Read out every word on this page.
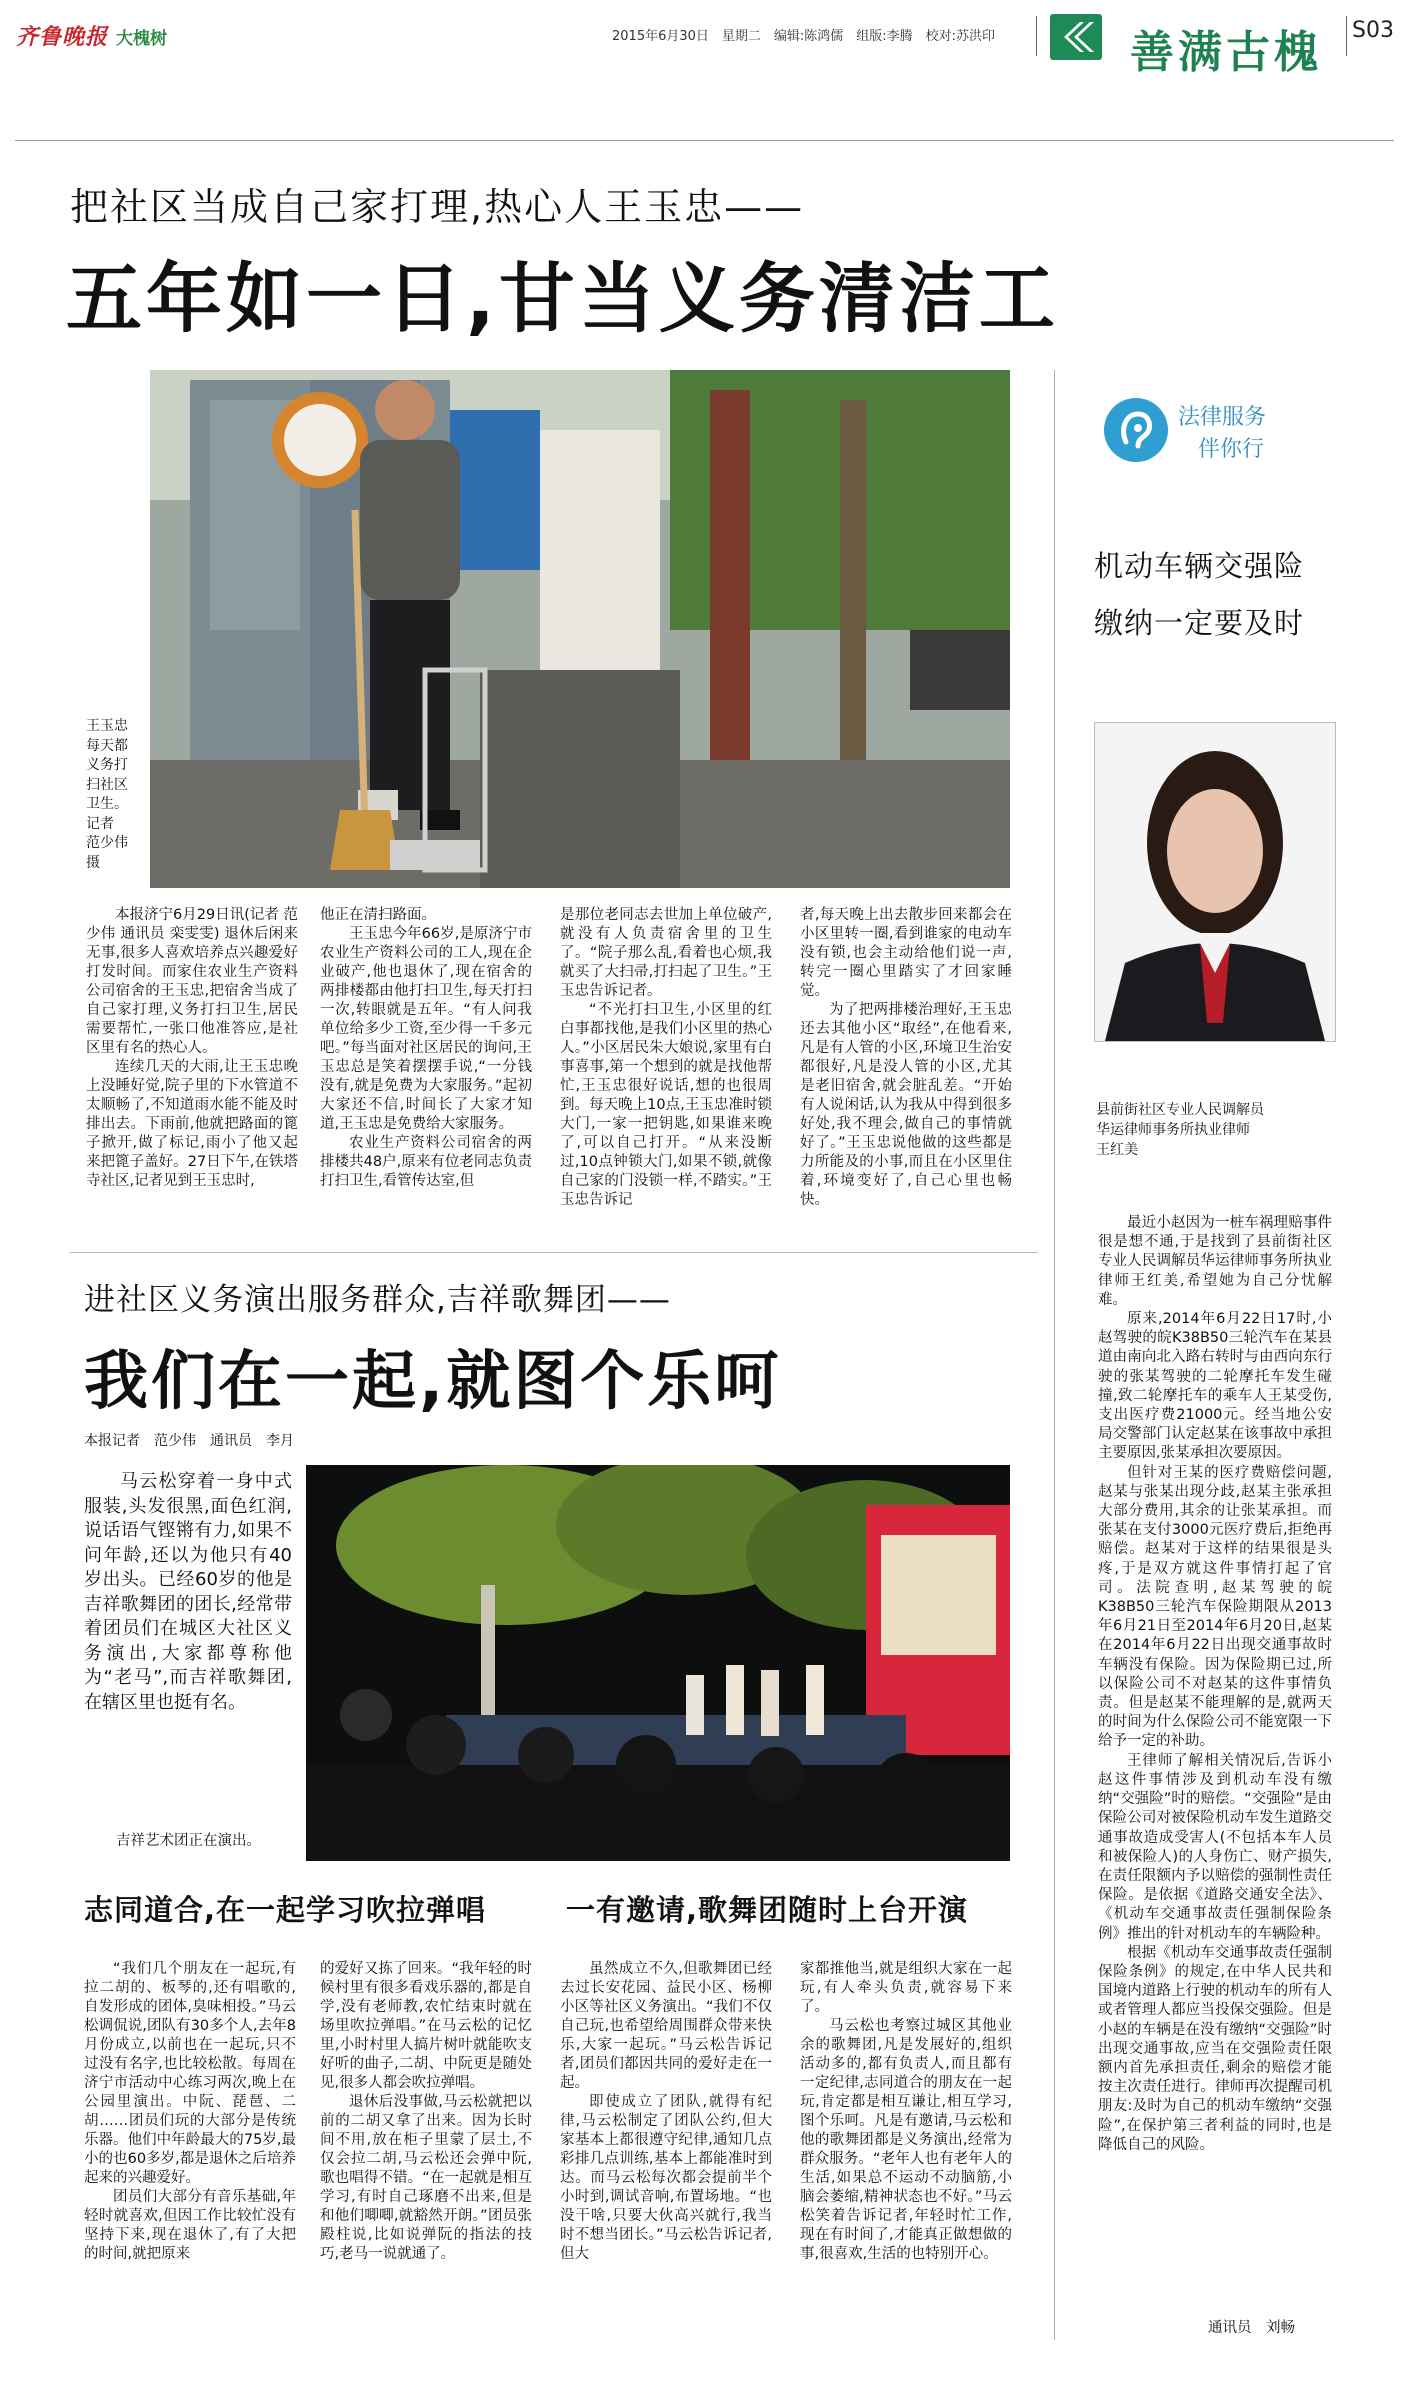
齐鲁晚报 大槐树	2015年6月30日　星期二　编辑:陈鸿儒　组版:李腾　校对:苏洪印	善满古槐 S03
把社区当成自己家打理,热心人王玉忠——
五年如一日,甘当义务清洁工
王玉忠
每天都
义务打
扫社区
卫生。
记者
范少伟
摄

本报济宁6月29日讯(记者 范少伟 通讯员 栾雯雯) 退休后闲来无事,很多人喜欢培养点兴趣爱好打发时间。而家住农业生产资料公司宿舍的王玉忠,把宿舍当成了自己家打理,义务打扫卫生,居民需要帮忙,一张口他准答应,是社区里有名的热心人。

连续几天的大雨,让王玉忠晚上没睡好觉,院子里的下水管道不太顺畅了,不知道雨水能不能及时排出去。下雨前,他就把路面的篦子掀开,做了标记,雨小了他又起来把篦子盖好。27日下午,在铁塔寺社区,记者见到王玉忠时,

他正在清扫路面。

王玉忠今年66岁,是原济宁市农业生产资料公司的工人,现在企业破产,他也退休了,现在宿舍的两排楼都由他打扫卫生,每天打扫一次,转眼就是五年。“有人问我单位给多少工资,至少得一千多元吧。”每当面对社区居民的询问,王玉忠总是笑着摆摆手说,“一分钱没有,就是免费为大家服务。”起初大家还不信,时间长了大家才知道,王玉忠是免费给大家服务。

农业生产资料公司宿舍的两排楼共48户,原来有位老同志负责打扫卫生,看管传达室,但

是那位老同志去世加上单位破产,就没有人负责宿舍里的卫生了。“院子那么乱,看着也心烦,我就买了大扫帚,打扫起了卫生。”王玉忠告诉记者。

“不光打扫卫生,小区里的红白事都找他,是我们小区里的热心人。”小区居民朱大娘说,家里有白事喜事,第一个想到的就是找他帮忙,王玉忠很好说话,想的也很周到。每天晚上10点,王玉忠准时锁大门,一家一把钥匙,如果谁来晚了,可以自己打开。“从来没断过,10点钟锁大门,如果不锁,就像自己家的门没锁一样,不踏实。”王玉忠告诉记

者,每天晚上出去散步回来都会在小区里转一圈,看到谁家的电动车没有锁,也会主动给他们说一声,转完一圈心里踏实了才回家睡觉。

为了把两排楼治理好,王玉忠还去其他小区“取经”,在他看来,凡是有人管的小区,环境卫生治安都很好,凡是没人管的小区,尤其是老旧宿舍,就会脏乱差。“开始有人说闲话,认为我从中得到很多好处,我不理会,做自己的事情就好了。”王玉忠说他做的这些都是力所能及的小事,而且在小区里住着,环境变好了,自己心里也畅快。

法律服务
伴你行
机动车辆交强险
缴纳一定要及时
县前街社区专业人民调解员
华运律师事务所执业律师
王红美

最近小赵因为一桩车祸理赔事件很是想不通,于是找到了县前街社区专业人民调解员华运律师事务所执业律师王红美,希望她为自己分忧解难。

原来,2014年6月22日17时,小赵驾驶的皖K38B50三轮汽车在某县道由南向北入路右转时与由西向东行驶的张某驾驶的二轮摩托车发生碰撞,致二轮摩托车的乘车人王某受伤,支出医疗费21000元。经当地公安局交警部门认定赵某在该事故中承担主要原因,张某承担次要原因。

但针对王某的医疗费赔偿问题,赵某与张某出现分歧,赵某主张承担大部分费用,其余的让张某承担。而张某在支付3000元医疗费后,拒绝再赔偿。赵某对于这样的结果很是头疼,于是双方就这件事情打起了官司。法院查明,赵某驾驶的皖K38B50三轮汽车保险期限从2013年6月21日至2014年6月20日,赵某在2014年6月22日出现交通事故时车辆没有保险。因为保险期已过,所以保险公司不对赵某的这件事情负责。但是赵某不能理解的是,就两天的时间为什么保险公司不能宽限一下给予一定的补助。

王律师了解相关情况后,告诉小赵这件事情涉及到机动车没有缴纳“交强险”时的赔偿。“交强险”是由保险公司对被保险机动车发生道路交通事故造成受害人(不包括本车人员和被保险人)的人身伤亡、财产损失,在责任限额内予以赔偿的强制性责任保险。是依据《道路交通安全法》、《机动车交通事故责任强制保险条例》推出的针对机动车的车辆险种。

根据《机动车交通事故责任强制保险条例》的规定,在中华人民共和国境内道路上行驶的机动车的所有人或者管理人都应当投保交强险。但是小赵的车辆是在没有缴纳“交强险”时出现交通事故,应当在交强险责任限额内首先承担责任,剩余的赔偿才能按主次责任进行。律师再次提醒司机朋友:及时为自己的机动车缴纳“交强险”,在保护第三者利益的同时,也是降低自己的风险。

通讯员　刘畅
进社区义务演出服务群众,吉祥歌舞团——
我们在一起,就图个乐呵
本报记者　范少伟　通讯员　李月
马云松穿着一身中式服装,头发很黑,面色红润,说话语气铿锵有力,如果不问年龄,还以为他只有40岁出头。已经60岁的他是吉祥歌舞团的团长,经常带着团员们在城区大社区义务演出,大家都尊称他为“老马”,而吉祥歌舞团,在辖区里也挺有名。
吉祥艺术团正在演出。
志同道合,在一起学习吹拉弹唱	一有邀请,歌舞团随时上台开演

“我们几个朋友在一起玩,有拉二胡的、板琴的,还有唱歌的,自发形成的团体,臭味相投。”马云松调侃说,团队有30多个人,去年8月份成立,以前也在一起玩,只不过没有名字,也比较松散。每周在济宁市活动中心练习两次,晚上在公园里演出。中阮、琵琶、二胡……团员们玩的大部分是传统乐器。他们中年龄最大的75岁,最小的也60多岁,都是退休之后培养起来的兴趣爱好。

团员们大部分有音乐基础,年轻时就喜欢,但因工作比较忙没有坚持下来,现在退休了,有了大把的时间,就把原来

的爱好又拣了回来。“我年轻的时候村里有很多看戏乐器的,都是自学,没有老师教,农忙结束时就在场里吹拉弹唱。”在马云松的记忆里,小时村里人搞片树叶就能吹支好听的曲子,二胡、中阮更是随处见,很多人都会吹拉弹唱。

退休后没事做,马云松就把以前的二胡又拿了出来。因为长时间不用,放在柜子里蒙了层土,不仅会拉二胡,马云松还会弹中阮,歌也唱得不错。“在一起就是相互学习,有时自己琢磨不出来,但是和他们唧唧,就豁然开朗。”团员张殿柱说,比如说弹阮的指法的技巧,老马一说就通了。

虽然成立不久,但歌舞团已经去过长安花园、益民小区、杨柳小区等社区义务演出。“我们不仅自己玩,也希望给周围群众带来快乐,大家一起玩。”马云松告诉记者,团员们都因共同的爱好走在一起。

即使成立了团队,就得有纪律,马云松制定了团队公约,但大家基本上都很遵守纪律,通知几点彩排几点训练,基本上都能准时到达。而马云松每次都会提前半个小时到,调试音响,布置场地。“也没干啥,只要大伙高兴就行,我当时不想当团长。”马云松告诉记者,但大

家都推他当,就是组织大家在一起玩,有人牵头负责,就容易下来了。

马云松也考察过城区其他业余的歌舞团,凡是发展好的,组织活动多的,都有负责人,而且都有一定纪律,志同道合的朋友在一起玩,肯定都是相互谦让,相互学习,图个乐呵。凡是有邀请,马云松和他的歌舞团都是义务演出,经常为群众服务。“老年人也有老年人的生活,如果总不运动不动脑筋,小脑会萎缩,精神状态也不好。”马云松笑着告诉记者,年轻时忙工作,现在有时间了,才能真正做想做的事,很喜欢,生活的也特别开心。
